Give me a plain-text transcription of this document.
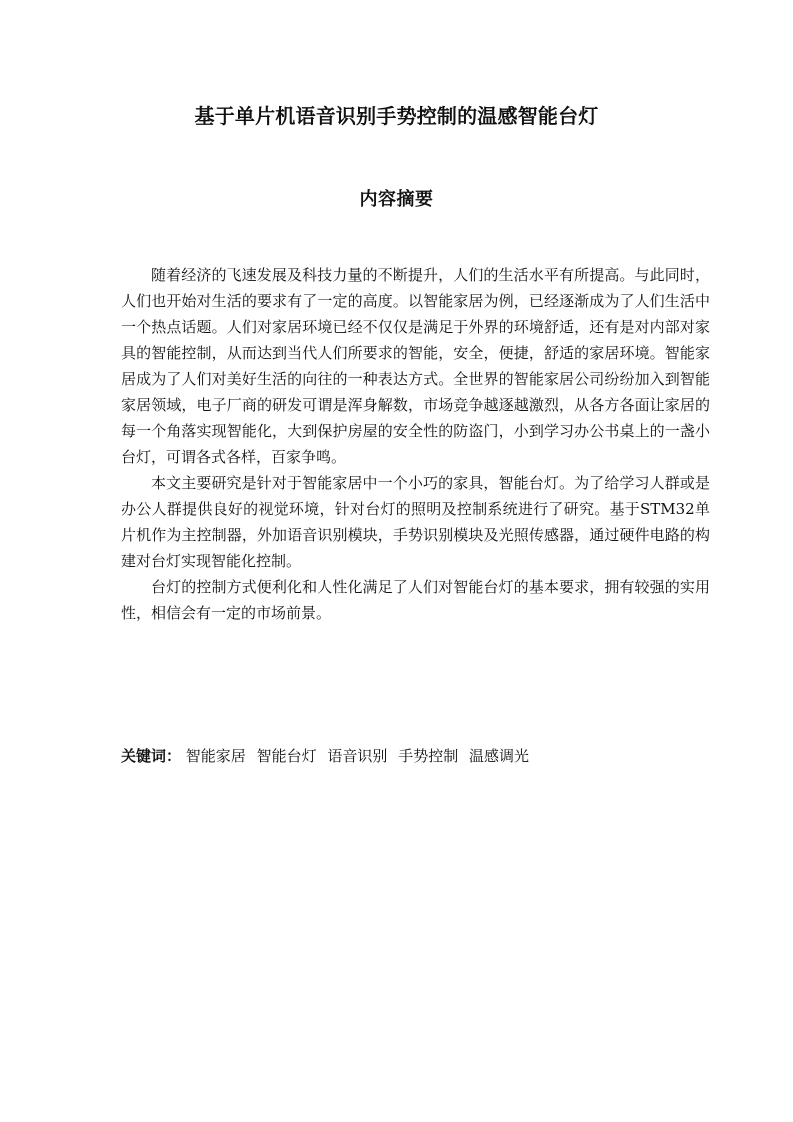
基于单片机语音识别手势控制的温感智能台灯
内容摘要

随着经济的飞速发展及科技力量的不断提升，人们的生活水平有所提高。与此同时，人们也开始对生活的要求有了一定的高度。以智能家居为例，已经逐渐成为了人们生活中一个热点话题。人们对家居环境已经不仅仅是满足于外界的环境舒适，还有是对内部对家具的智能控制，从而达到当代人们所要求的智能，安全，便捷，舒适的家居环境。智能家居成为了人们对美好生活的向往的一种表达方式。全世界的智能家居公司纷纷加入到智能家居领域，电子厂商的研发可谓是浑身解数，市场竞争越逐越激烈，从各方各面让家居的每一个角落实现智能化，大到保护房屋的安全性的防盗门，小到学习办公书桌上的一盏小台灯，可谓各式各样，百家争鸣。

本文主要研究是针对于智能家居中一个小巧的家具，智能台灯。为了给学习人群或是办公人群提供良好的视觉环境，针对台灯的照明及控制系统进行了研究。基于STM32单片机作为主控制器，外加语音识别模块，手势识别模块及光照传感器，通过硬件电路的构建对台灯实现智能化控制。

台灯的控制方式便利化和人性化满足了人们对智能台灯的基本要求，拥有较强的实用性，相信会有一定的市场前景。

关键词： 智能家居 智能台灯 语音识别 手势控制 温感调光
